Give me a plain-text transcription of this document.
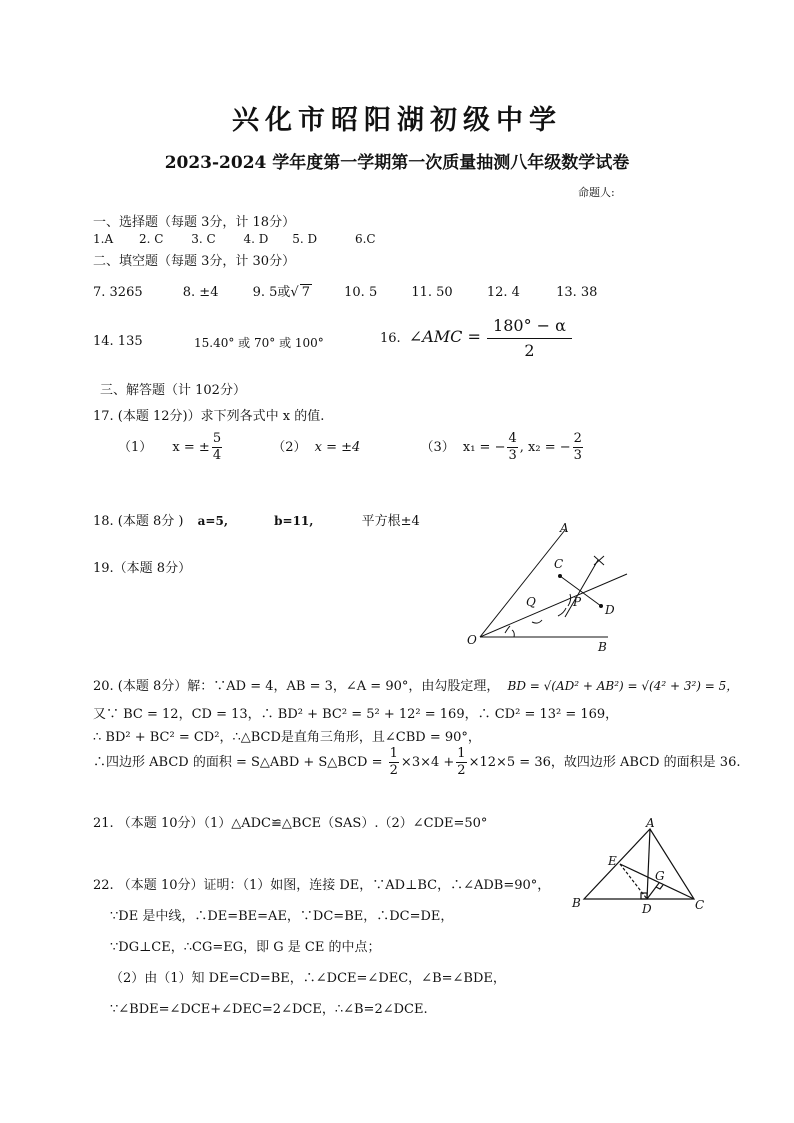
兴化市昭阳湖初级中学
2023-2024 学年度第一学期第一次质量抽测八年级数学试卷
命题人:
一、选择题（每题 3分，计 18分）
1.A 2. C 3. C 4. D 5. D	6.C
二、填空题（每题 3分，计 30分）
7. 3265	8. ±4	9. 5或√ 7	10. 5	11. 50	12. 4	13. 38
14. 135	15.40° 或 70° 或 100°	16. ∠AMC = $\frac{180^\circ - \alpha}{2}$
三、解答题（计 102分）
17. (本题 12分)）求下列各式中 x 的值.
（1） x = ± $\frac{5}{4}$	（2） x = ±4	（3） x₁ = − $\frac{4}{3}$ , x₂ = − $\frac{2}{3}$
18. (本题 8分 ) a=5,	b=11,	平方根±4
19.（本题 8分）
A
C
Q	P
D
O	B
20. (本题 8分）解：∵AD = 4，AB = 3，∠A = 90°，由勾股定理， BD = √(AD² + AB²) = √(4² + 3²) = 5，
又∵ BC = 12，CD = 13，∴ BD² + BC² = 5² + 12² = 169，∴ CD² = 13² = 169，
∴ BD² + BC² = CD²，∴△BCD是直角三角形，且∠CBD = 90°，
∴四边形 ABCD 的面积 = S△ABD + S△BCD = $\frac{1}{2} \times 3\times 4 + \frac{1}{2} \times 12\times 5 = 36$，故四边形 ABCD 的面积是 36.
21. （本题 10分）（1）△ADC≌△BCE（SAS）.（2）∠CDE=50°	A
E
G
B	D	C
22. （本题 10分）证明：（1）如图，连接 DE，∵AD⊥BC，∴∠ADB=90°，
∵DE 是中线，∴DE=BE=AE，∵DC=BE，∴DC=DE，
∵DG⊥CE，∴CG=EG，即 G 是 CE 的中点；
（2）由（1）知 DE=CD=BE，∴∠DCE=∠DEC，∠B=∠BDE，
∵∠BDE=∠DCE+∠DEC=2∠DCE，∴∠B=2∠DCE.
